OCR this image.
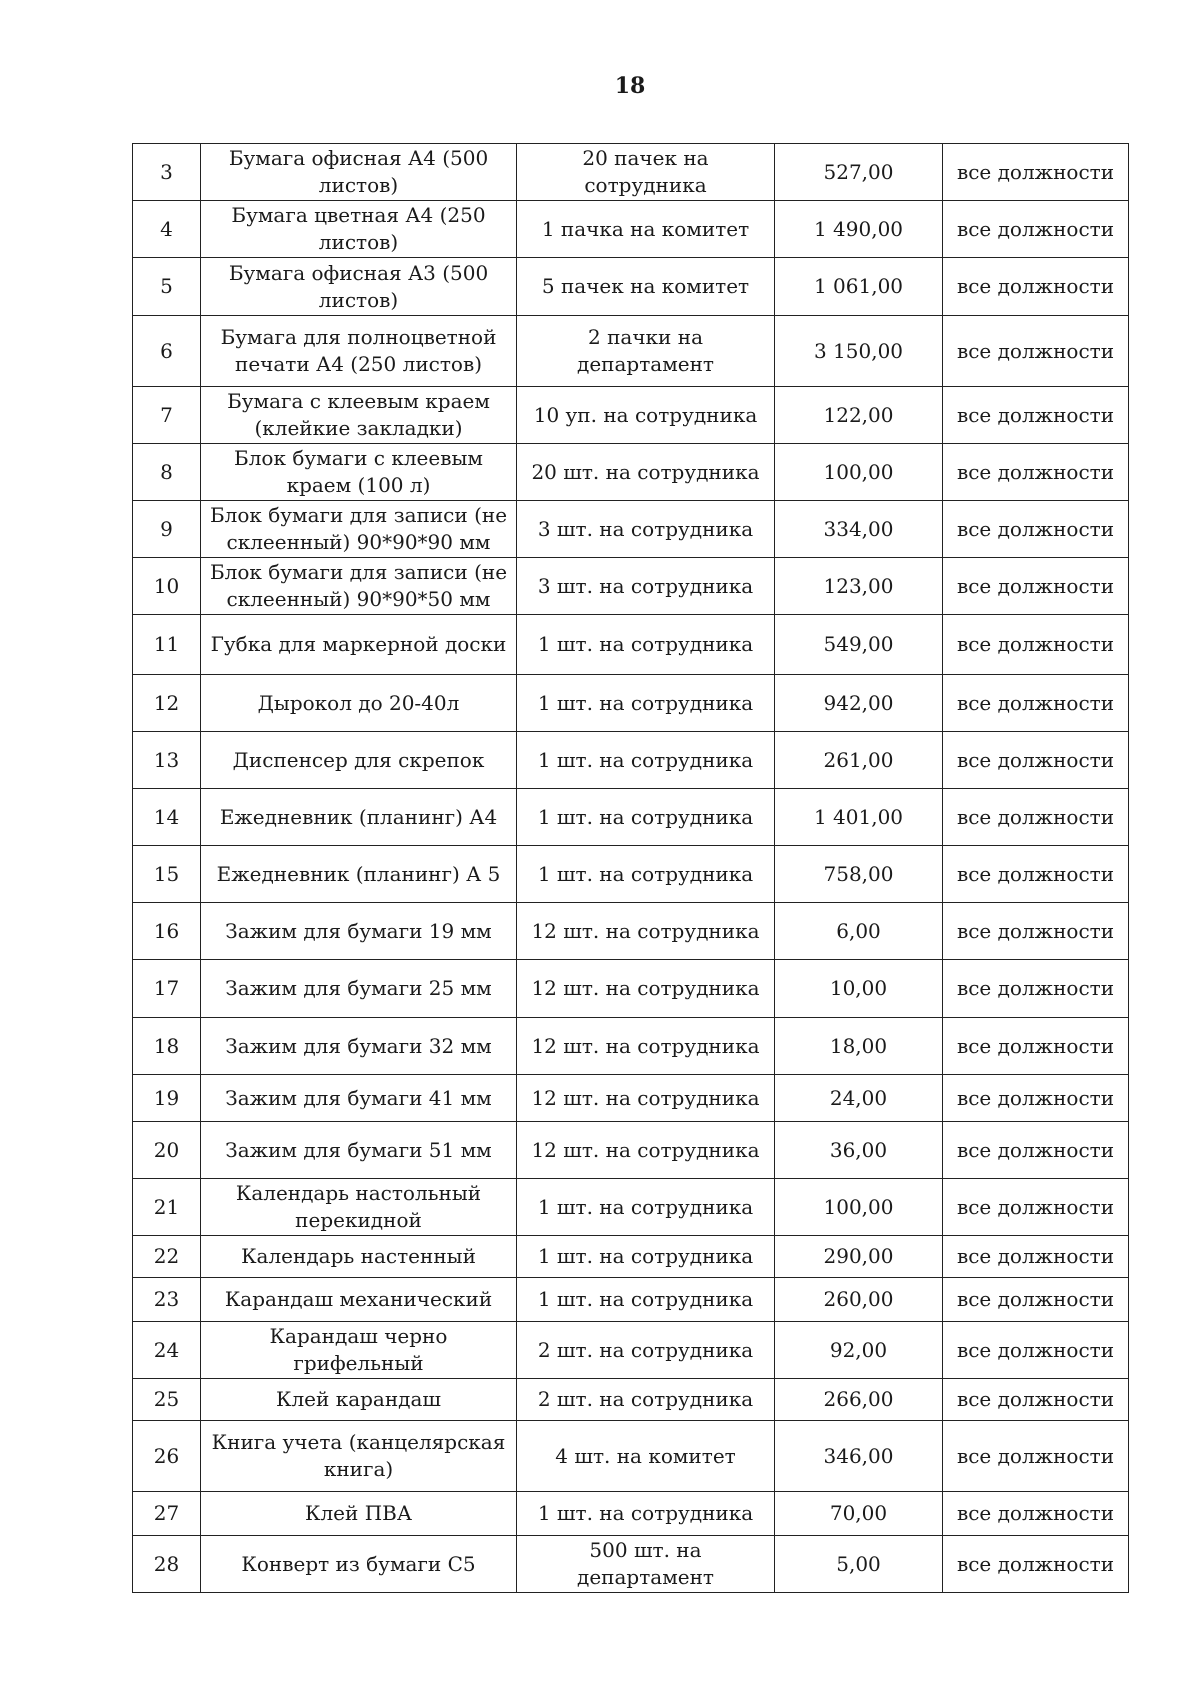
18
3	Бумага офисная А4 (500 листов)	20 пачек на сотрудника	527,00	все должности
4	Бумага цветная А4 (250 листов)	1 пачка на комитет	1 490,00	все должности
5	Бумага офисная А3 (500 листов)	5 пачек на комитет	1 061,00	все должности
6	Бумага для полноцветной печати А4 (250 листов)	2 пачки на департамент	3 150,00	все должности
7	Бумага с клеевым краем (клейкие закладки)	10 уп. на сотрудника	122,00	все должности
8	Блок бумаги с клеевым краем (100 л)	20 шт. на сотрудника	100,00	все должности
9	Блок бумаги для записи (не склеенный) 90*90*90 мм	3 шт. на сотрудника	334,00	все должности
10	Блок бумаги для записи (не склеенный) 90*90*50 мм	3 шт. на сотрудника	123,00	все должности
11	Губка для маркерной доски	1 шт. на сотрудника	549,00	все должности
12	Дырокол до 20-40л	1 шт. на сотрудника	942,00	все должности
13	Диспенсер для скрепок	1 шт. на сотрудника	261,00	все должности
14	Ежедневник (планинг) А4	1 шт. на сотрудника	1 401,00	все должности
15	Ежедневник (планинг) А 5	1 шт. на сотрудника	758,00	все должности
16	Зажим для бумаги 19 мм	12 шт. на сотрудника	6,00	все должности
17	Зажим для бумаги 25 мм	12 шт. на сотрудника	10,00	все должности
18	Зажим для бумаги 32 мм	12 шт. на сотрудника	18,00	все должности
19	Зажим для бумаги 41 мм	12 шт. на сотрудника	24,00	все должности
20	Зажим для бумаги 51 мм	12 шт. на сотрудника	36,00	все должности
21	Календарь настольный перекидной	1 шт. на сотрудника	100,00	все должности
22	Календарь настенный	1 шт. на сотрудника	290,00	все должности
23	Карандаш механический	1 шт. на сотрудника	260,00	все должности
24	Карандаш черно грифельный	2 шт. на сотрудника	92,00	все должности
25	Клей карандаш	2 шт. на сотрудника	266,00	все должности
26	Книга учета (канцелярская книга)	4 шт. на комитет	346,00	все должности
27	Клей ПВА	1 шт. на сотрудника	70,00	все должности
28	Конверт из бумаги С5	500 шт. на департамент	5,00	все должности
